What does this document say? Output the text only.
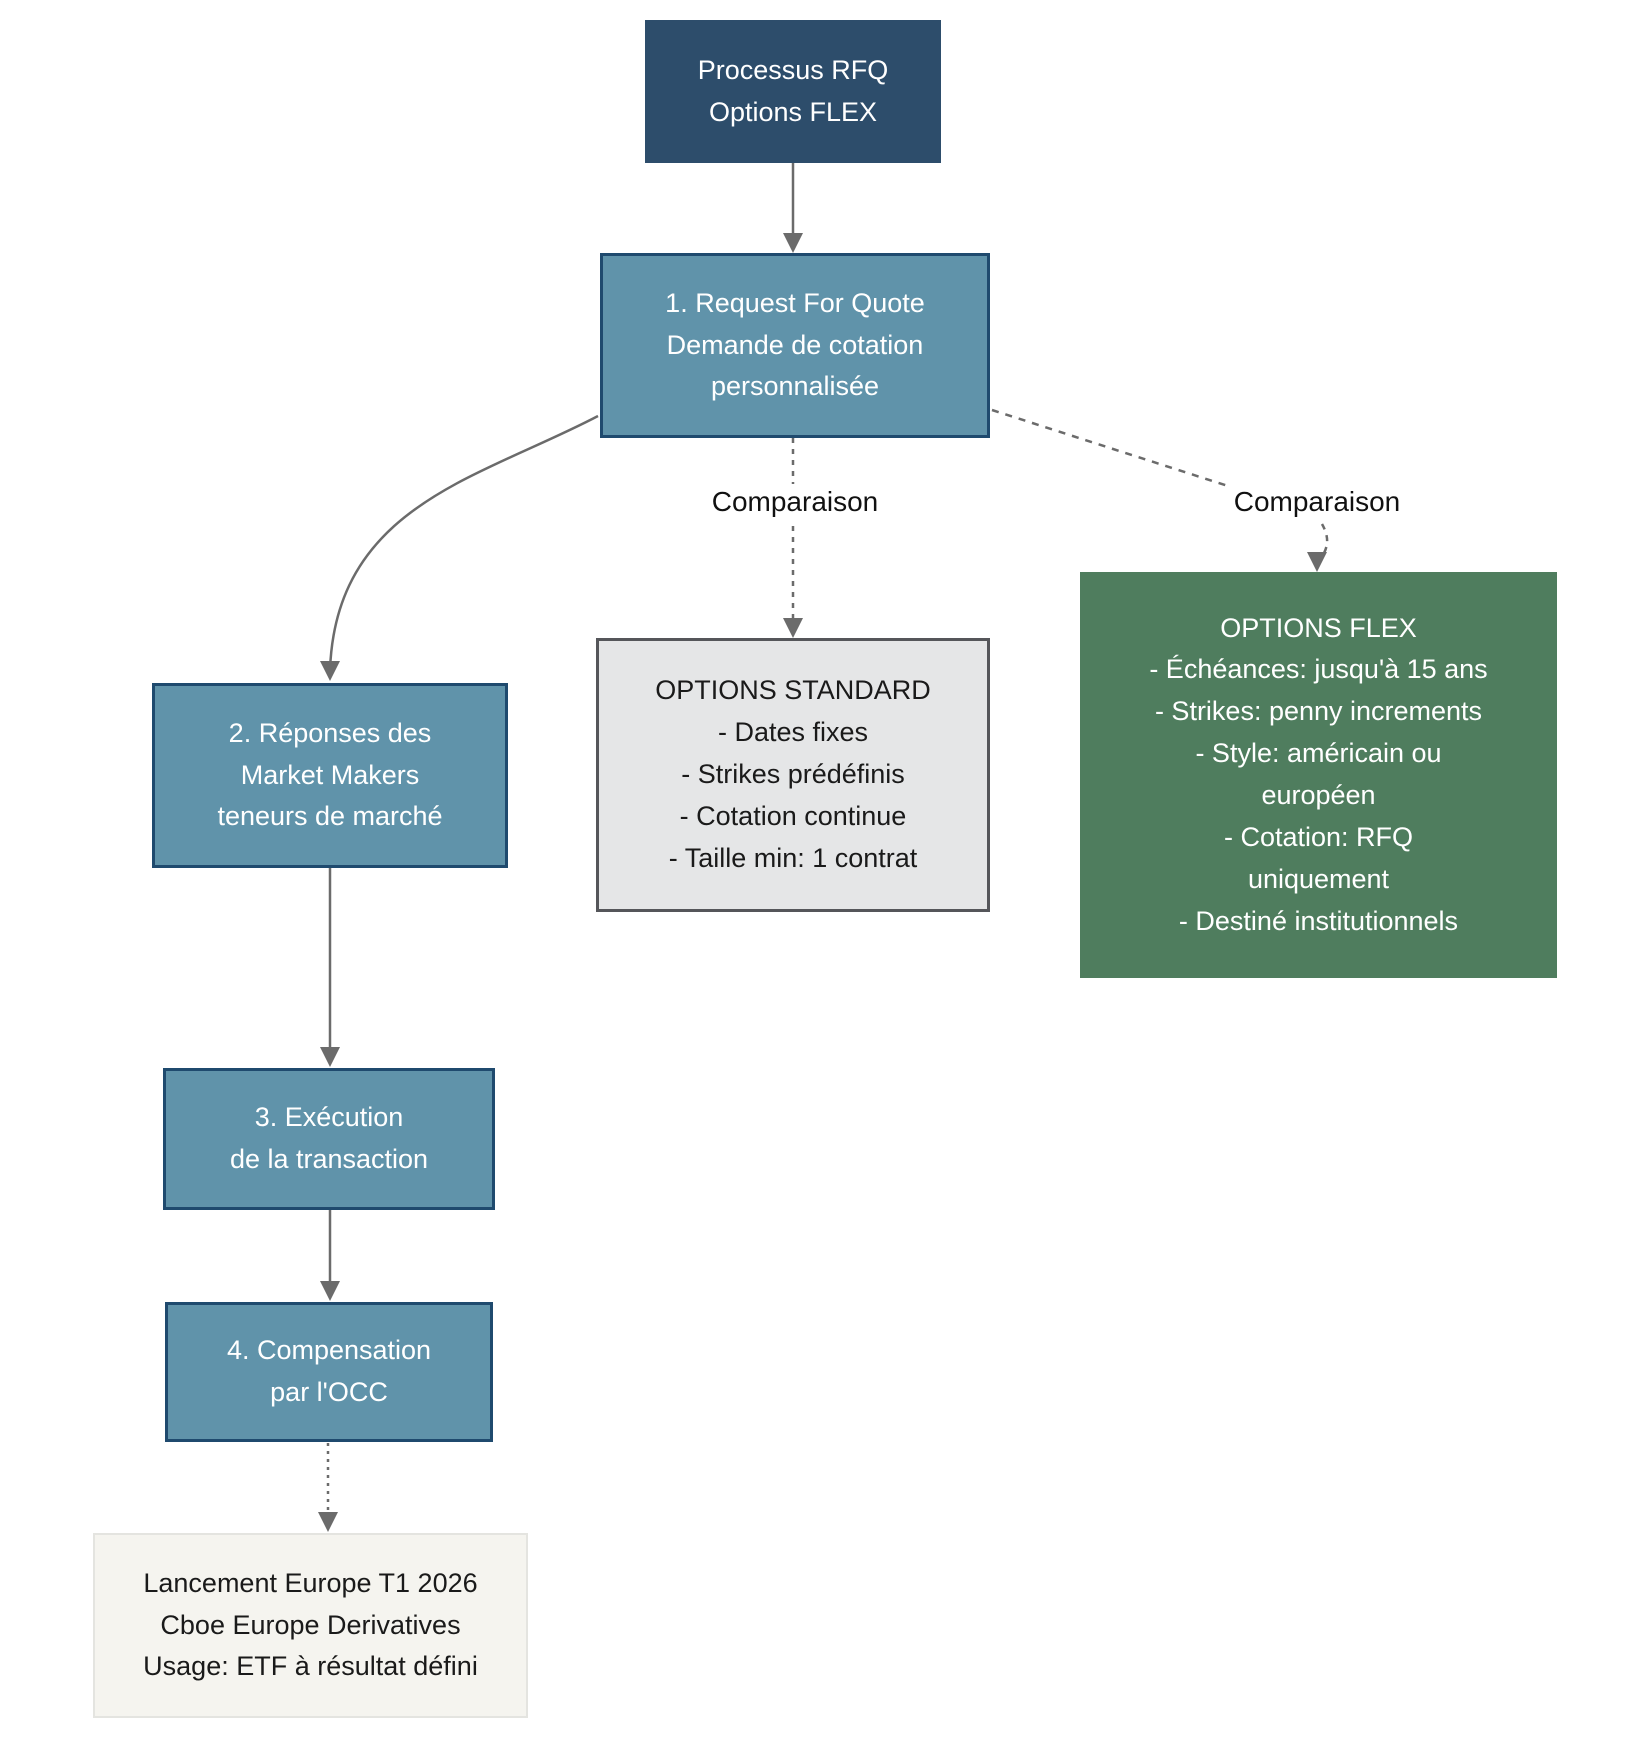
Processus RFQ
Options FLEX
1. Request For Quote
Demande de cotation
personnalisée
2. Réponses des
Market Makers
teneurs de marché
3. Exécution
de la transaction
4. Compensation
par l'OCC
OPTIONS STANDARD
- Dates fixes
- Strikes prédéfinis
- Cotation continue
- Taille min: 1 contrat
OPTIONS FLEX
- Échéances: jusqu'à 15 ans
- Strikes: penny increments
- Style: américain ou
européen
- Cotation: RFQ
uniquement
- Destiné institutionnels
Lancement Europe T1 2026
Cboe Europe Derivatives
Usage: ETF à résultat défini
Comparaison	Comparaison
